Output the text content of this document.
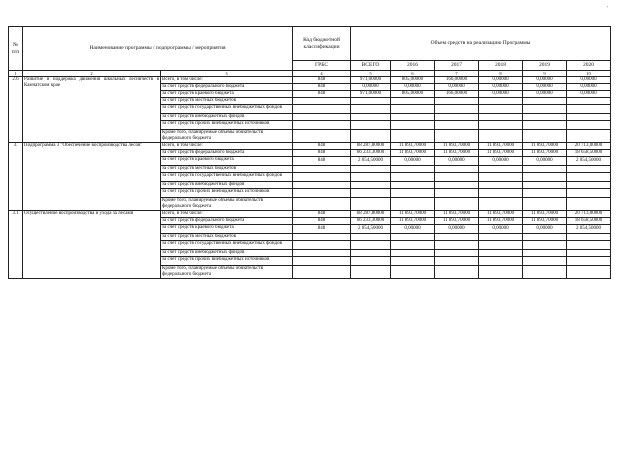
№
п/п	Наименование программы / подпрограммы / мероприятия		Код бюджетной классификации	Объем средств на реализацию Программы					
			ГРБС	ВСЕГО	2016	2017	2018	2019	2020
1	2	3	4	5	6	7	8	9	10
2.6	Развитие и поддержка движения школьных лесничеств в Камчатском крае	Всего, в том числе:	848	971,00000	805,00000	166,00000	0,00000	0,00000	0,00000
		за счет средств федерального бюджета	848	0,00000	0,00000	0,00000	0,00000	0,00000	0,00000
		за счет средств краевого бюджета	848	971,00000	805,00000	166,00000	0,00000	0,00000	0,00000
		за счет средств местных бюджетов							
		за счет средств государственных внебюджетных фондов							
		за счет средств внебюджетных фондов							
		за счет средств прочих внебюджетных источников							
		Кроме того, планируемые объемы обязательств федерального бюджета							
3.	Подпрограмма 3 "Обеспечение воспроизводства лесов"	Всего, в том числе:	848	68 287,80000	11 893,70000	11 893,70000	11 893,70000	11 893,70000	20 713,00000
		за счет средств федерального бюджета	848	66 233,30000	11 893,70000	11 893,70000	11 893,70000	11 893,70000	18 658,50000
		за счет средств краевого бюджета	848	2 054,50000	0,00000	0,00000	0,00000	0,00000	2 054,50000
		за счет средств местных бюджетов							
		за счет средств государственных внебюджетных фондов							
		за счет средств внебюджетных фондов							
		за счет средств прочих внебюджетных источников							
		Кроме того, планируемые объемы обязательств федерального бюджета							
3.1	Осуществление воспроизводства и ухода за лесами	Всего, в том числе:	848	68 287,80000	11 893,70000	11 893,70000	11 893,70000	11 893,70000	20 713,00000
		за счет средств федерального бюджета	848	66 233,30000	11 893,70000	11 893,70000	11 893,70000	11 893,70000	18 658,50000
		за счет средств краевого бюджета	848	2 054,50000	0,00000	0,00000	0,00000	0,00000	2 054,50000
		за счет средств местных бюджетов							
		за счет средств государственных внебюджетных фондов							
		за счет средств внебюджетных фондов							
		за счет средств прочих внебюджетных источников							
		Кроме того, планируемые объемы обязательств федерального бюджета							
'
